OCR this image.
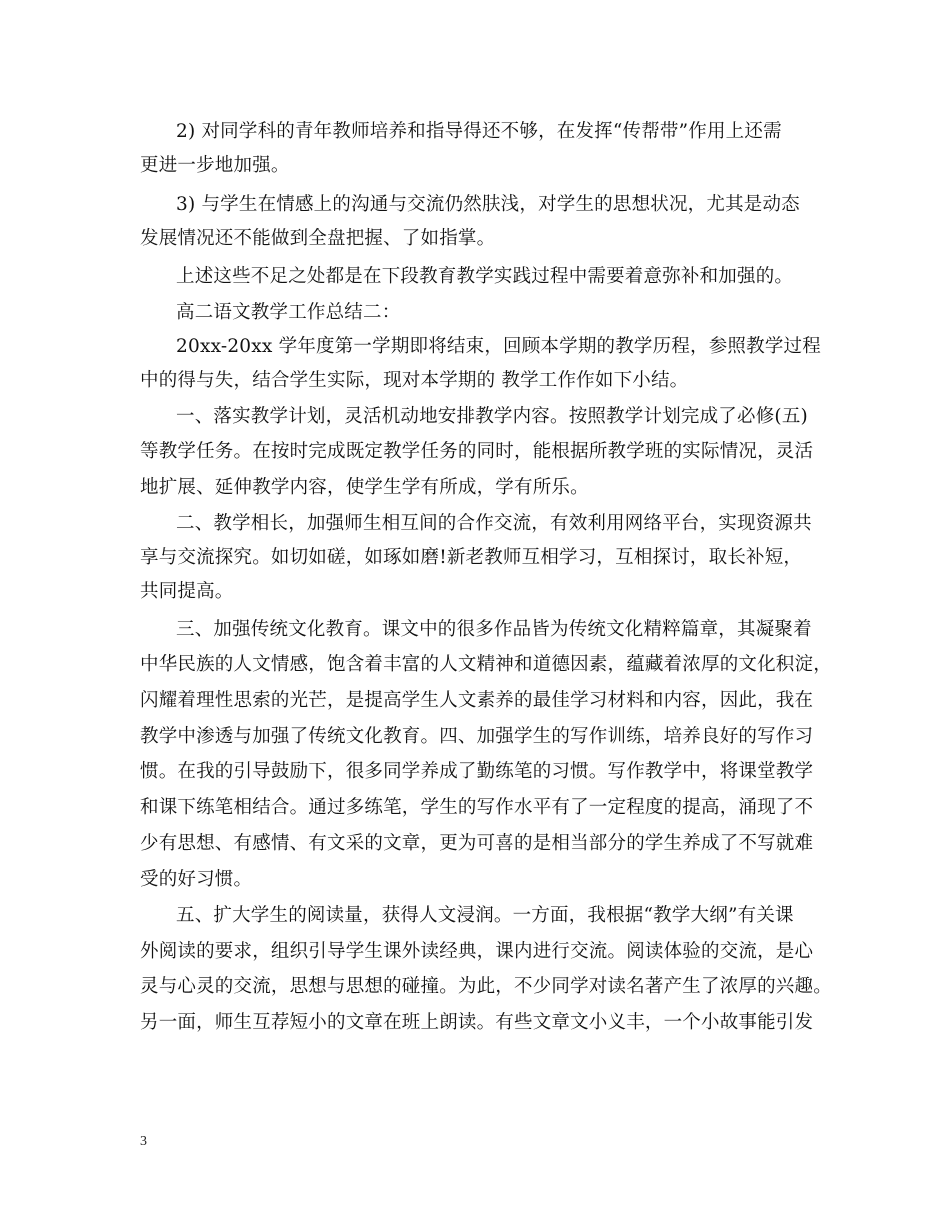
2) 对同学科的青年教师培养和指导得还不够，在发挥“传帮带”作用上还需
更进一步地加强。
3) 与学生在情感上的沟通与交流仍然肤浅，对学生的思想状况，尤其是动态
发展情况还不能做到全盘把握、了如指掌。
上述这些不足之处都是在下段教育教学实践过程中需要着意弥补和加强的。
高二语文教学工作总结二：
20xx-20xx 学年度第一学期即将结束，回顾本学期的教学历程，参照教学过程
中的得与失，结合学生实际，现对本学期的 教学工作作如下小结。
一、落实教学计划，灵活机动地安排教学内容。按照教学计划完成了必修(五)
等教学任务。在按时完成既定教学任务的同时，能根据所教学班的实际情况，灵活
地扩展、延伸教学内容，使学生学有所成，学有所乐。
二、教学相长，加强师生相互间的合作交流，有效利用网络平台，实现资源共
享与交流探究。如切如磋，如琢如磨!新老教师互相学习，互相探讨，取长补短，
共同提高。
三、加强传统文化教育。课文中的很多作品皆为传统文化精粹篇章，其凝聚着
中华民族的人文情感，饱含着丰富的人文精神和道德因素，蕴藏着浓厚的文化积淀，
闪耀着理性思索的光芒，是提高学生人文素养的最佳学习材料和内容，因此，我在
教学中渗透与加强了传统文化教育。四、加强学生的写作训练，培养良好的写作习
惯。在我的引导鼓励下，很多同学养成了勤练笔的习惯。写作教学中，将课堂教学
和课下练笔相结合。通过多练笔，学生的写作水平有了一定程度的提高，涌现了不
少有思想、有感情、有文采的文章，更为可喜的是相当部分的学生养成了不写就难
受的好习惯。
五、扩大学生的阅读量，获得人文浸润。一方面，我根据“教学大纲”有关课
外阅读的要求，组织引导学生课外读经典，课内进行交流。阅读体验的交流，是心
灵与心灵的交流，思想与思想的碰撞。为此，不少同学对读名著产生了浓厚的兴趣。
另一面，师生互荐短小的文章在班上朗读。有些文章文小义丰，一个小故事能引发
3
